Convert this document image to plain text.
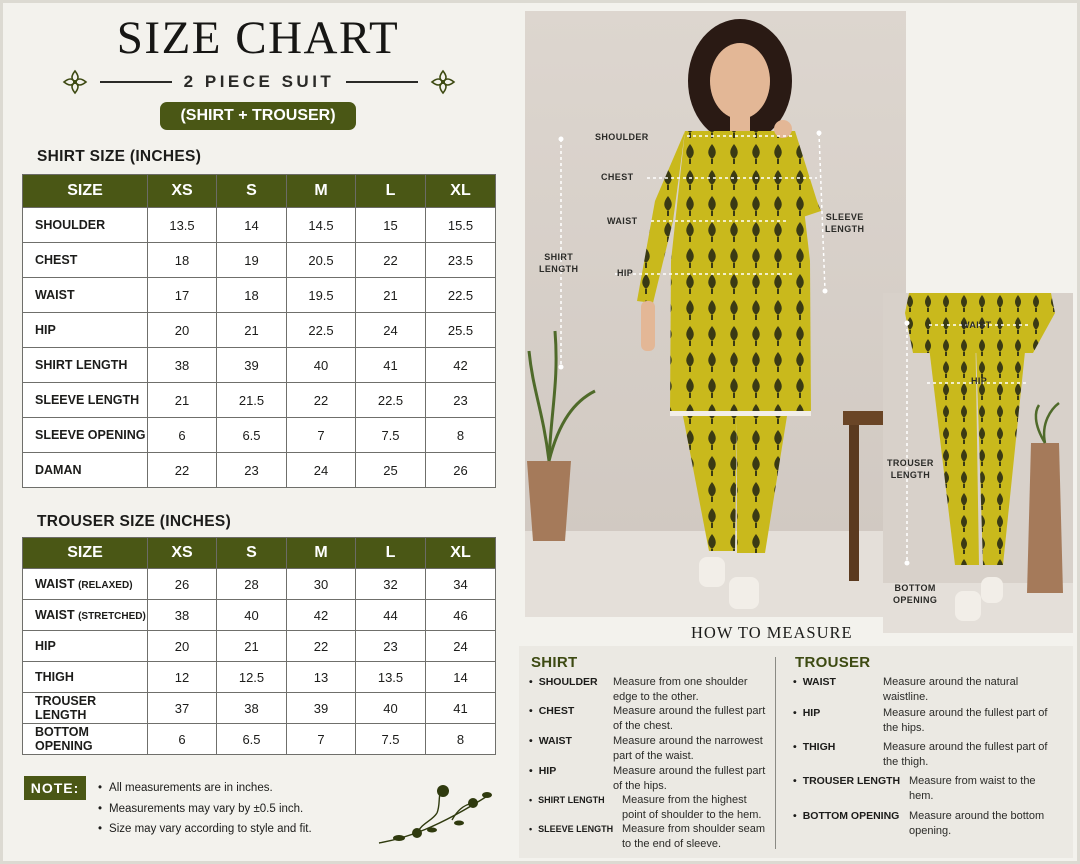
SIZE CHART
2 PIECE SUIT
(SHIRT + TROUSER)
SHIRT SIZE (INCHES)
SIZE	XS	S	M	L	XL
SHOULDER	13.5	14	14.5	15	15.5
CHEST	18	19	20.5	22	23.5
WAIST	17	18	19.5	21	22.5
HIP	20	21	22.5	24	25.5
SHIRT LENGTH	38	39	40	41	42
SLEEVE LENGTH	21	21.5	22	22.5	23
SLEEVE OPENING	6	6.5	7	7.5	8
DAMAN	22	23	24	25	26
TROUSER SIZE (INCHES)
SIZE	XS	S	M	L	XL
WAIST (RELAXED)	26	28	30	32	34
WAIST (STRETCHED)	38	40	42	44	46
HIP	20	21	22	23	24
THIGH	12	12.5	13	13.5	14
TROUSER LENGTH	37	38	39	40	41
BOTTOM OPENING	6	6.5	7	7.5	8
NOTE:	• All measurements are in inches.
• Measurements may vary by ±0.5 inch.
• Size may vary according to style and fit.
SHOULDER
CHEST
WAIST
HIP
SHIRT
LENGTH
SLEEVE
LENGTH
WAIST
HIP
TROUSER
LENGTH
BOTTOM
OPENING
HOW TO MEASURE
SHIRT	TROUSER
• SHOULDER Measure from one shoulder edge to the other.
• CHEST	Measure around the fullest part of the chest.
• WAIST	Measure around the narrowest part of the waist.
• HIP	Measure around the fullest part of the hips.
• SHIRT LENGTH Measure from the highest point of shoulder to the hem.
• SLEEVE LENGTH Measure from shoulder seam to the end of sleeve.
• WAIST	Measure around the natural waistline.
• HIP	Measure around the fullest part of the hips.
• THIGH	Measure around the fullest part of the thigh.
• TROUSER LENGTH Measure from waist to the hem.
• BOTTOM OPENING Measure around the bottom opening.
